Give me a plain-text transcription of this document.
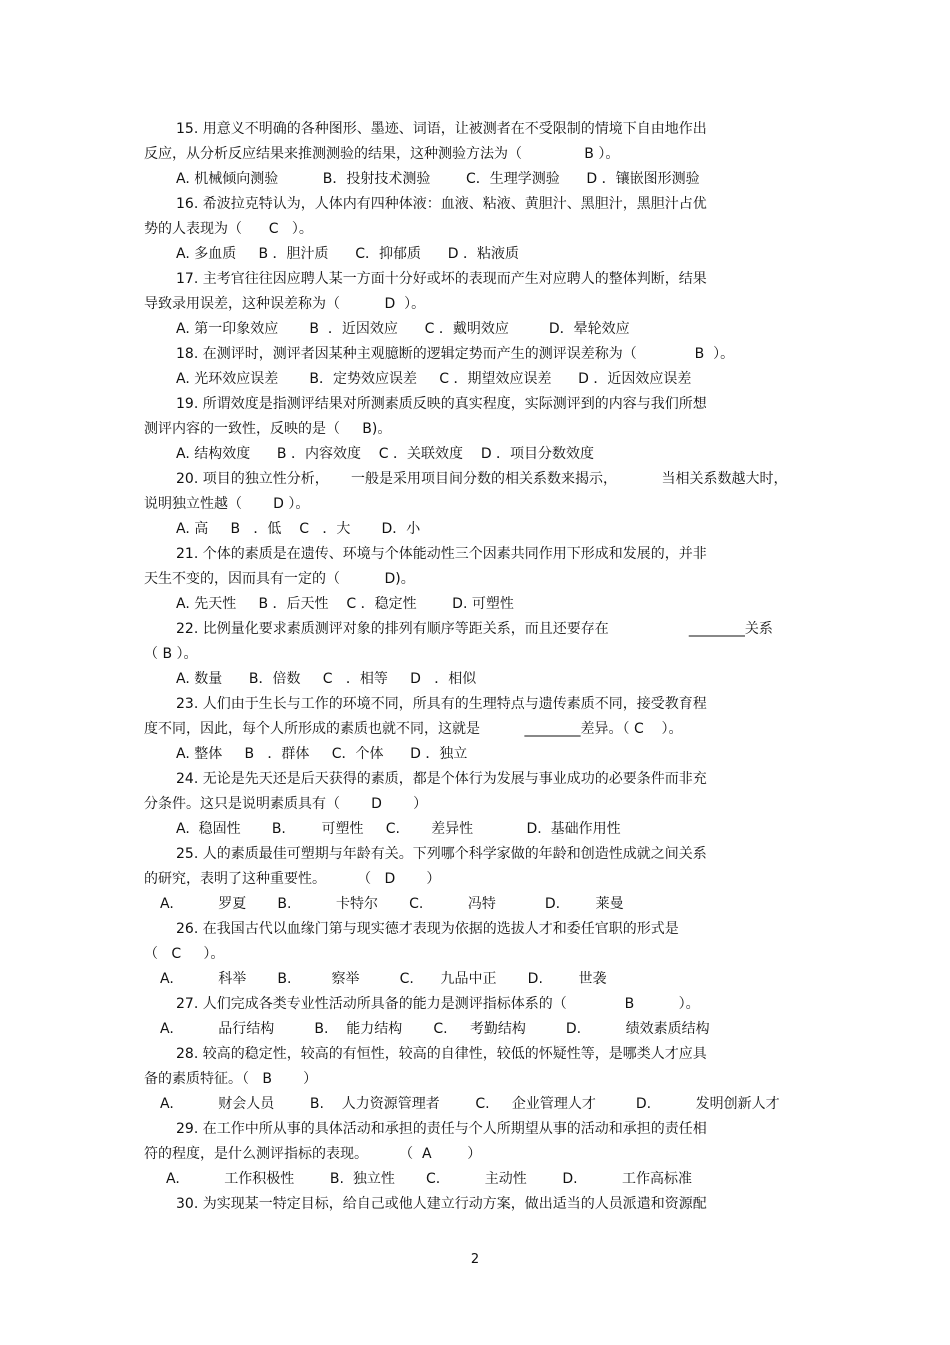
15. 用意义不明确的各种图形、墨迹、词语，让被测者在不受限制的情境下自由地作出
反应，从分析反应结果来推测测验的结果，这种测验方法为（              B ）。
A. 机械倾向测验          B．投射技术测验        C．生理学测验      D ．镶嵌图形测验
16. 希波拉克特认为，人体内有四种体液：血液、粘液、黄胆汁、黑胆汁，黑胆汁占优
势的人表现为（      C   ）。
A. 多血质     B ．胆汁质      C．抑郁质      D ．粘液质
17. 主考官往往因应聘人某一方面十分好或坏的表现而产生对应聘人的整体判断，结果
导致录用误差，这种误差称为（          D  ）。
A. 第一印象效应       B  ．近因效应      C ．戴明效应         D．晕轮效应
18. 在测评时，测评者因某种主观臆断的逻辑定势而产生的测评误差称为（             B  ）。
A. 光环效应误差       B．定势效应误差     C ．期望效应误差      D ．近因效应误差
19. 所谓效度是指测评结果对所测素质反映的真实程度，实际测评到的内容与我们所想
测评内容的一致性，反映的是（     B)。
A. 结构效度      B ．内容效度    C ．关联效度    D ．项目分数效度
20. 项目的独立性分析，     一般是采用项目间分数的相关系数来揭示，          当相关系数越大时，
说明独立性越（       D ）。
A. 高     B   ．低    C   ．大       D．小
21. 个体的素质是在遗传、环境与个体能动性三个因素共同作用下形成和发展的，并非
天生不变的，因而具有一定的（          D)。
A. 先天性     B ．后天性    C ．稳定性        D. 可塑性
22. 比例量化要求素质测评对象的排列有顺序等距关系，而且还要存在                  ________关系
（ B ）。
A. 数量      B．倍数     C   ．相等     D   ．相似
23. 人们由于生长与工作的环境不同，所具有的生理特点与遗传素质不同，接受教育程
度不同，因此，每个人所形成的素质也就不同，这就是          ________差异。（ C    ）。
A. 整体     B   ．群体     C．个体      D ．独立
24. 无论是先天还是后天获得的素质，都是个体行为发展与事业成功的必要条件而非充
分条件。这只是说明素质具有（       D       ）
A.  稳固性       B.        可塑性     C.       差异性            D.  基础作用性
25. 人的素质最佳可塑期与年龄有关。下列哪个科学家做的年龄和创造性成就之间关系
的研究，表明了这种重要性。       （   D       ）
A.          罗夏       B.          卡特尔       C.          冯特           D.        莱曼
26. 在我国古代以血缘门第与现实德才表现为依据的选拔人才和委任官职的形式是
（   C     ）。
A.          科举       B.         察举         C.      九品中正       D.        世袭
27. 人们完成各类专业性活动所具备的能力是测评指标体系的（             B          ）。
A.          品行结构         B.    能力结构       C.     考勤结构         D.          绩效素质结构
28. 较高的稳定性，较高的有恒性，较高的自律性，较低的怀疑性等，是哪类人才应具
备的素质特征。（   B       ）
A.          财会人员        B.    人力资源管理者        C.     企业管理人才         D.          发明创新人才
29. 在工作中所从事的具体活动和承担的责任与个人所期望从事的活动和承担的责任相
符的程度，是什么测评指标的表现。       （  A        ）
A.          工作积极性        B.  独立性       C.          主动性        D.          工作高标准
30. 为实现某一特定目标，给自己或他人建立行动方案，做出适当的人员派遣和资源配
2
